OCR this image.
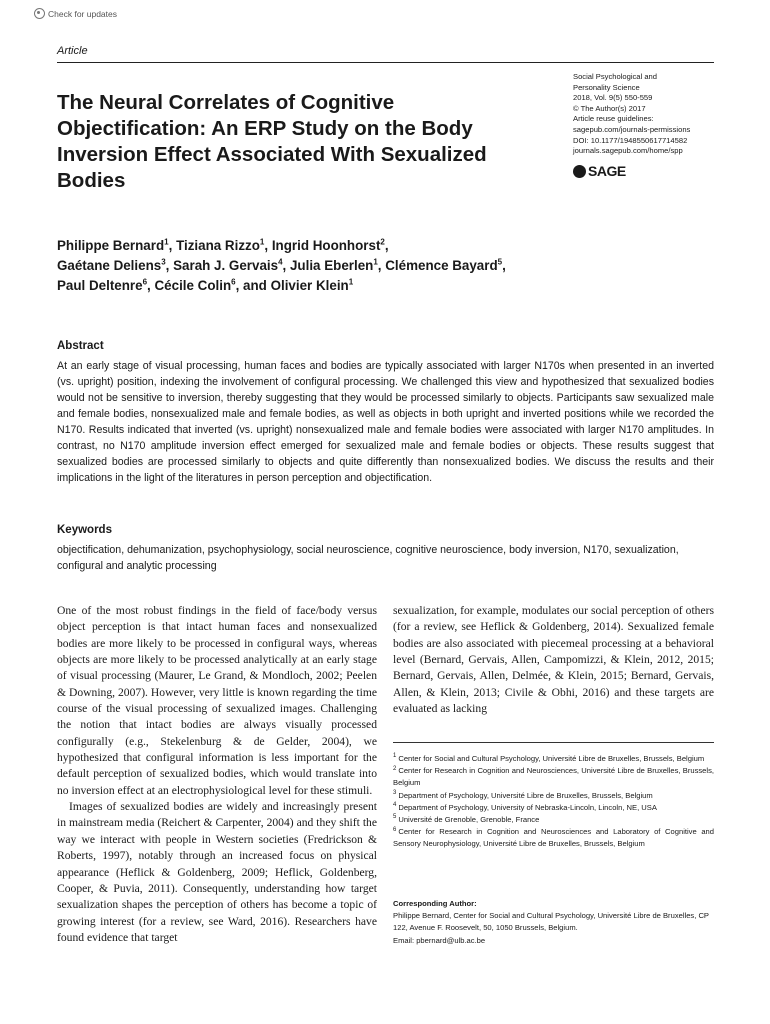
Check for updates
Article
The Neural Correlates of Cognitive Objectification: An ERP Study on the Body Inversion Effect Associated With Sexualized Bodies
Social Psychological and
Personality Science
2018, Vol. 9(5) 550-559
© The Author(s) 2017
Article reuse guidelines:
sagepub.com/journals-permissions
DOI: 10.1177/1948550617714582
journals.sagepub.com/home/spp
SAGE
Philippe Bernard$^1$, Tiziana Rizzo$^1$, Ingrid Hoonhorst$^2$,
Gaétane Deliens$^3$, Sarah J. Gervais$^4$, Julia Eberlen$^1$, Clémence Bayard$^5$,
Paul Deltenre$^6$, Cécile Colin$^6$, and Olivier Klein$^1$
Abstract
At an early stage of visual processing, human faces and bodies are typically associated with larger N170s when presented in an inverted (vs. upright) position, indexing the involvement of configural processing. We challenged this view and hypothesized that sexualized bodies would not be sensitive to inversion, thereby suggesting that they would be processed similarly to objects. Participants saw sexualized male and female bodies, nonsexualized male and female bodies, as well as objects in both upright and inverted positions while we recorded the N170. Results indicated that inverted (vs. upright) nonsexualized male and female bodies were associated with larger N170 amplitudes. In contrast, no N170 amplitude inversion effect emerged for sexualized male and female bodies or objects. These results suggest that sexualized bodies are processed similarly to objects and quite differently than nonsexualized bodies. We discuss the results and their implications in the light of the literatures in person perception and objectification.
Keywords
objectification, dehumanization, psychophysiology, social neuroscience, cognitive neuroscience, body inversion, N170, sexualization, configural and analytic processing

One of the most robust findings in the field of face/body versus object perception is that intact human faces and nonsexualized bodies are more likely to be processed in configural ways, whereas objects are more likely to be processed analytically at an early stage of visual processing (Maurer, Le Grand, & Mondloch, 2002; Peelen & Downing, 2007). However, very little is known regarding the time course of the visual processing of sexualized images. Challenging the notion that intact bodies are always visually processed configurally (e.g., Stekelenburg & de Gelder, 2004), we hypothesized that configural information is less important for the default perception of sexualized bodies, which would translate into no inversion effect at an electrophysiological level for these stimuli.

Images of sexualized bodies are widely and increasingly present in mainstream media (Reichert & Carpenter, 2004) and they shift the way we interact with people in Western societies (Fredrickson & Roberts, 1997), notably through an increased focus on physical appearance (Heflick & Goldenberg, 2009; Heflick, Goldenberg, Cooper, & Puvia, 2011). Consequently, understanding how target sexualization shapes the perception of others has become a topic of growing interest (for a review, see Ward, 2016). Researchers have found evidence that target

sexualization, for example, modulates our social perception of others (for a review, see Heflick & Goldenberg, 2014). Sexualized female bodies are also associated with piecemeal processing at a behavioral level (Bernard, Gervais, Allen, Campomizzi, & Klein, 2012, 2015; Bernard, Gervais, Allen, Delmée, & Klein, 2015; Bernard, Gervais, Allen, & Klein, 2013; Civile & Obhi, 2016) and these targets are evaluated as lacking

$^1$ Center for Social and Cultural Psychology, Université Libre de Bruxelles, Brussels, Belgium
$^2$ Center for Research in Cognition and Neurosciences, Université Libre de Bruxelles, Brussels, Belgium
$^3$ Department of Psychology, Université Libre de Bruxelles, Brussels, Belgium
$^4$ Department of Psychology, University of Nebraska-Lincoln, Lincoln, NE, USA
$^5$ Université de Grenoble, Grenoble, France
$^6$ Center for Research in Cognition and Neurosciences and Laboratory of Cognitive and Sensory Neurophysiology, Université Libre de Bruxelles, Brussels, Belgium
Corresponding Author:
Philippe Bernard, Center for Social and Cultural Psychology, Université Libre de Bruxelles, CP 122, Avenue F. Roosevelt, 50, 1050 Brussels, Belgium.
Email: pbernard@ulb.ac.be
